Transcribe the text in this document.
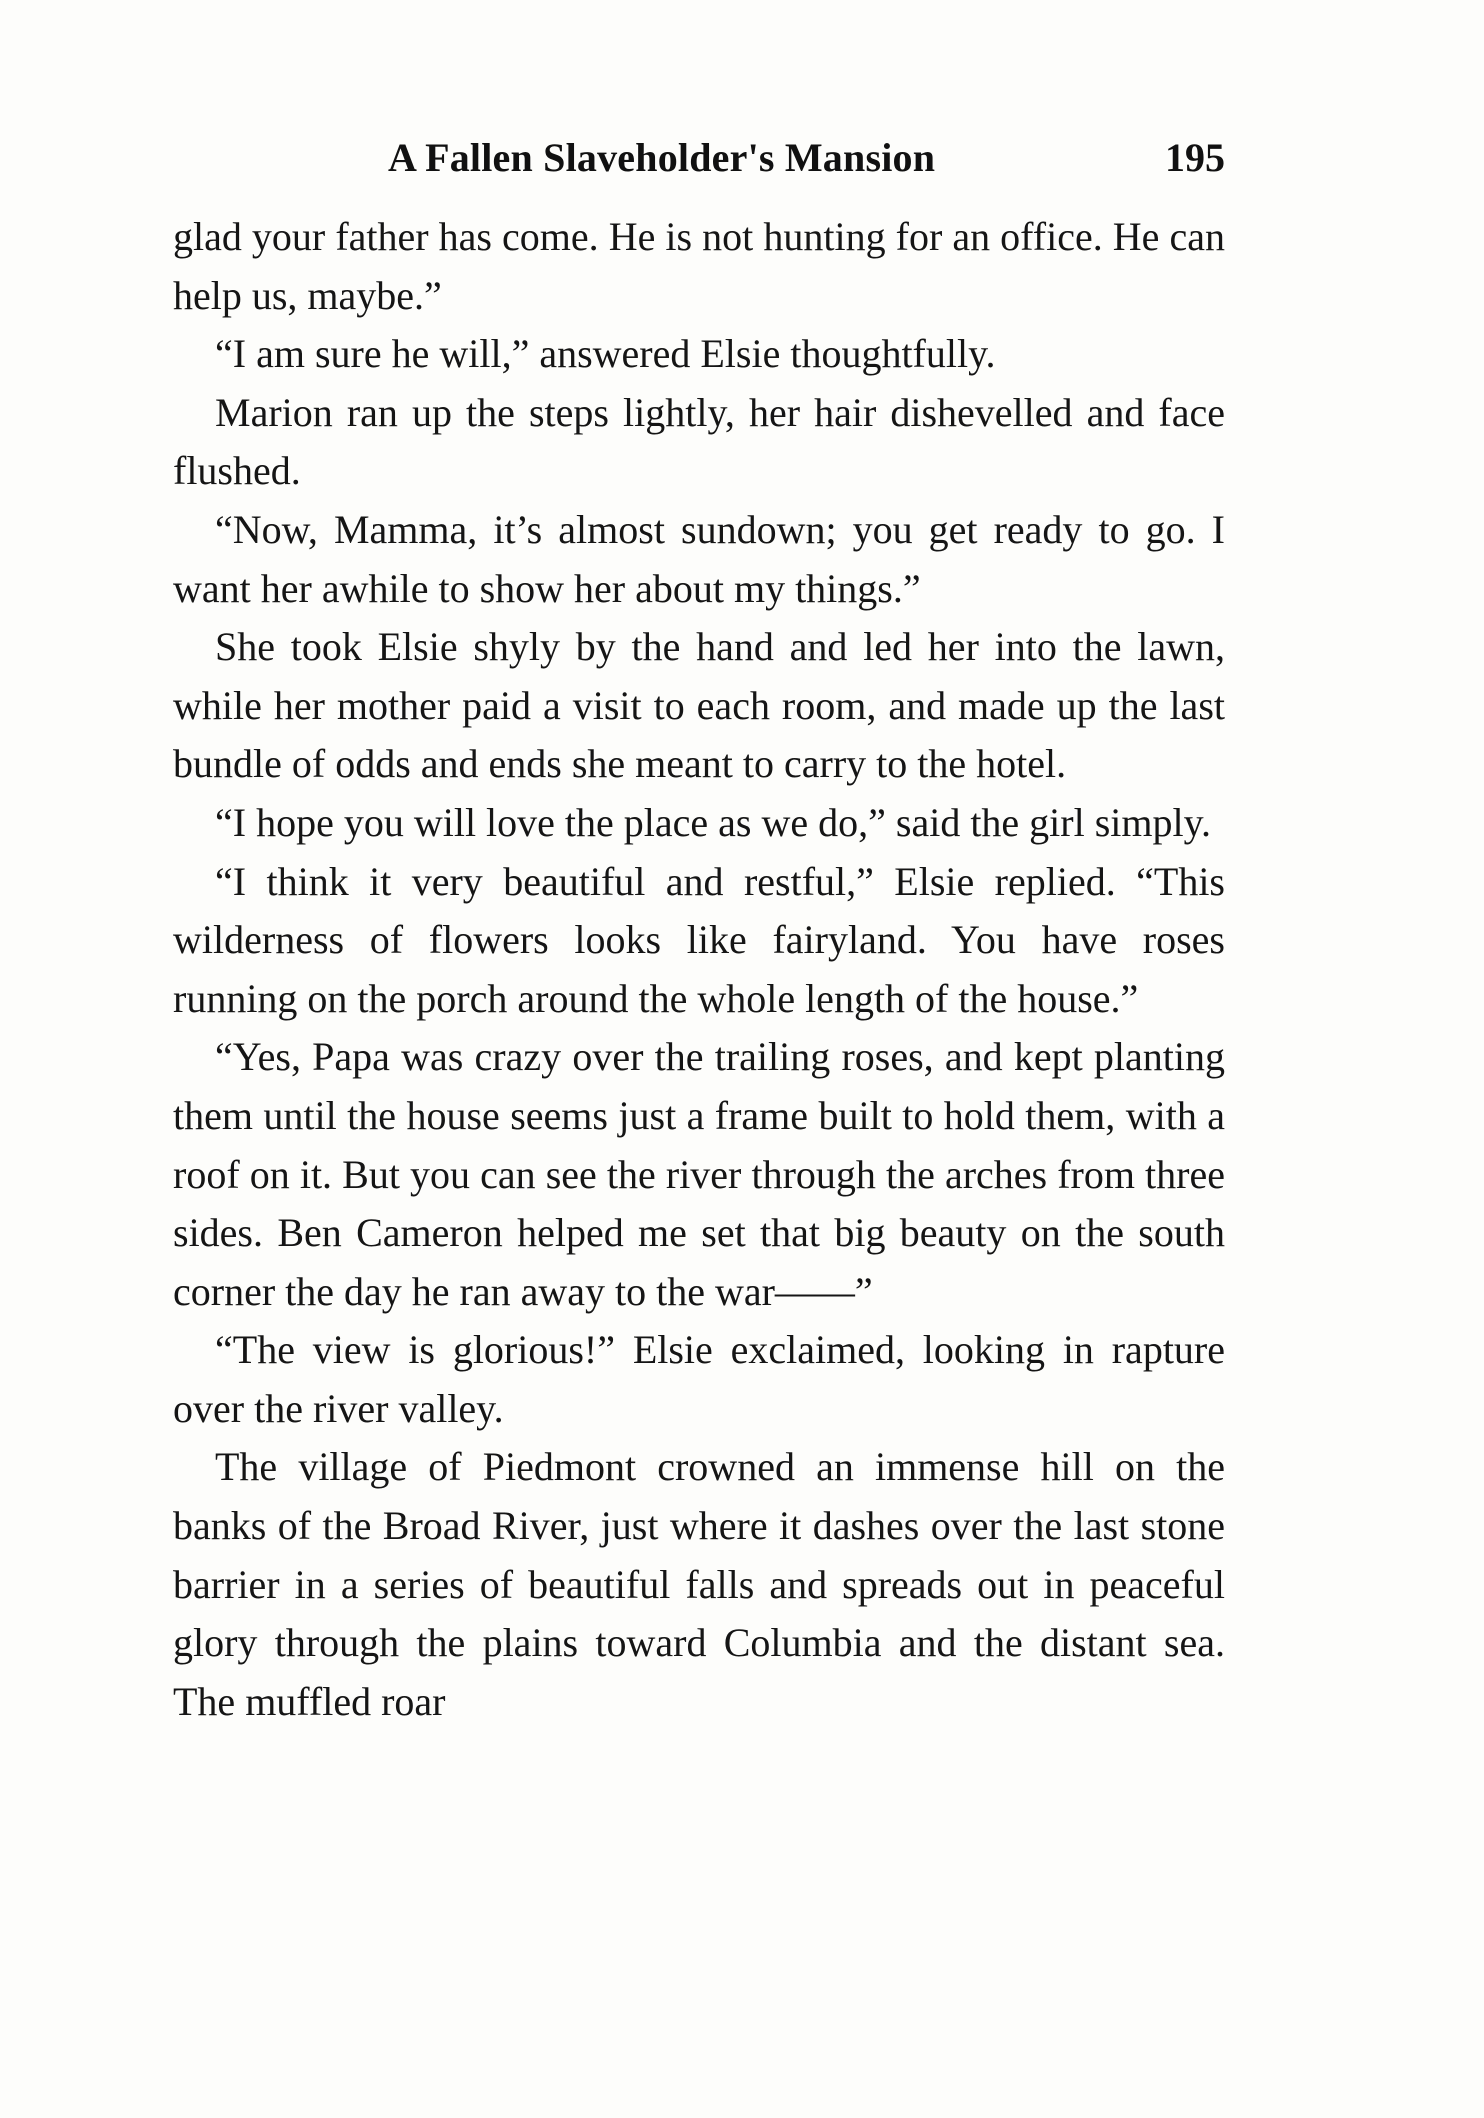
A Fallen Slaveholder's Mansion	195

glad your father has come. He is not hunting for an office. He can help us, maybe.”

“I am sure he will,” answered Elsie thoughtfully.

Marion ran up the steps lightly, her hair dishevelled and face flushed.

“Now, Mamma, it’s almost sundown; you get ready to go. I want her awhile to show her about my things.”

She took Elsie shyly by the hand and led her into the lawn, while her mother paid a visit to each room, and made up the last bundle of odds and ends she meant to carry to the hotel.

“I hope you will love the place as we do,” said the girl simply.

“I think it very beautiful and restful,” Elsie replied. “This wilderness of flowers looks like fairyland. You have roses running on the porch around the whole length of the house.”

“Yes, Papa was crazy over the trailing roses, and kept planting them until the house seems just a frame built to hold them, with a roof on it. But you can see the river through the arches from three sides. Ben Cameron helped me set that big beauty on the south corner the day he ran away to the war——”

“The view is glorious!” Elsie exclaimed, looking in rapture over the river valley.

The village of Piedmont crowned an immense hill on the banks of the Broad River, just where it dashes over the last stone barrier in a series of beautiful falls and spreads out in peaceful glory through the plains toward Columbia and the distant sea. The muffled roar
